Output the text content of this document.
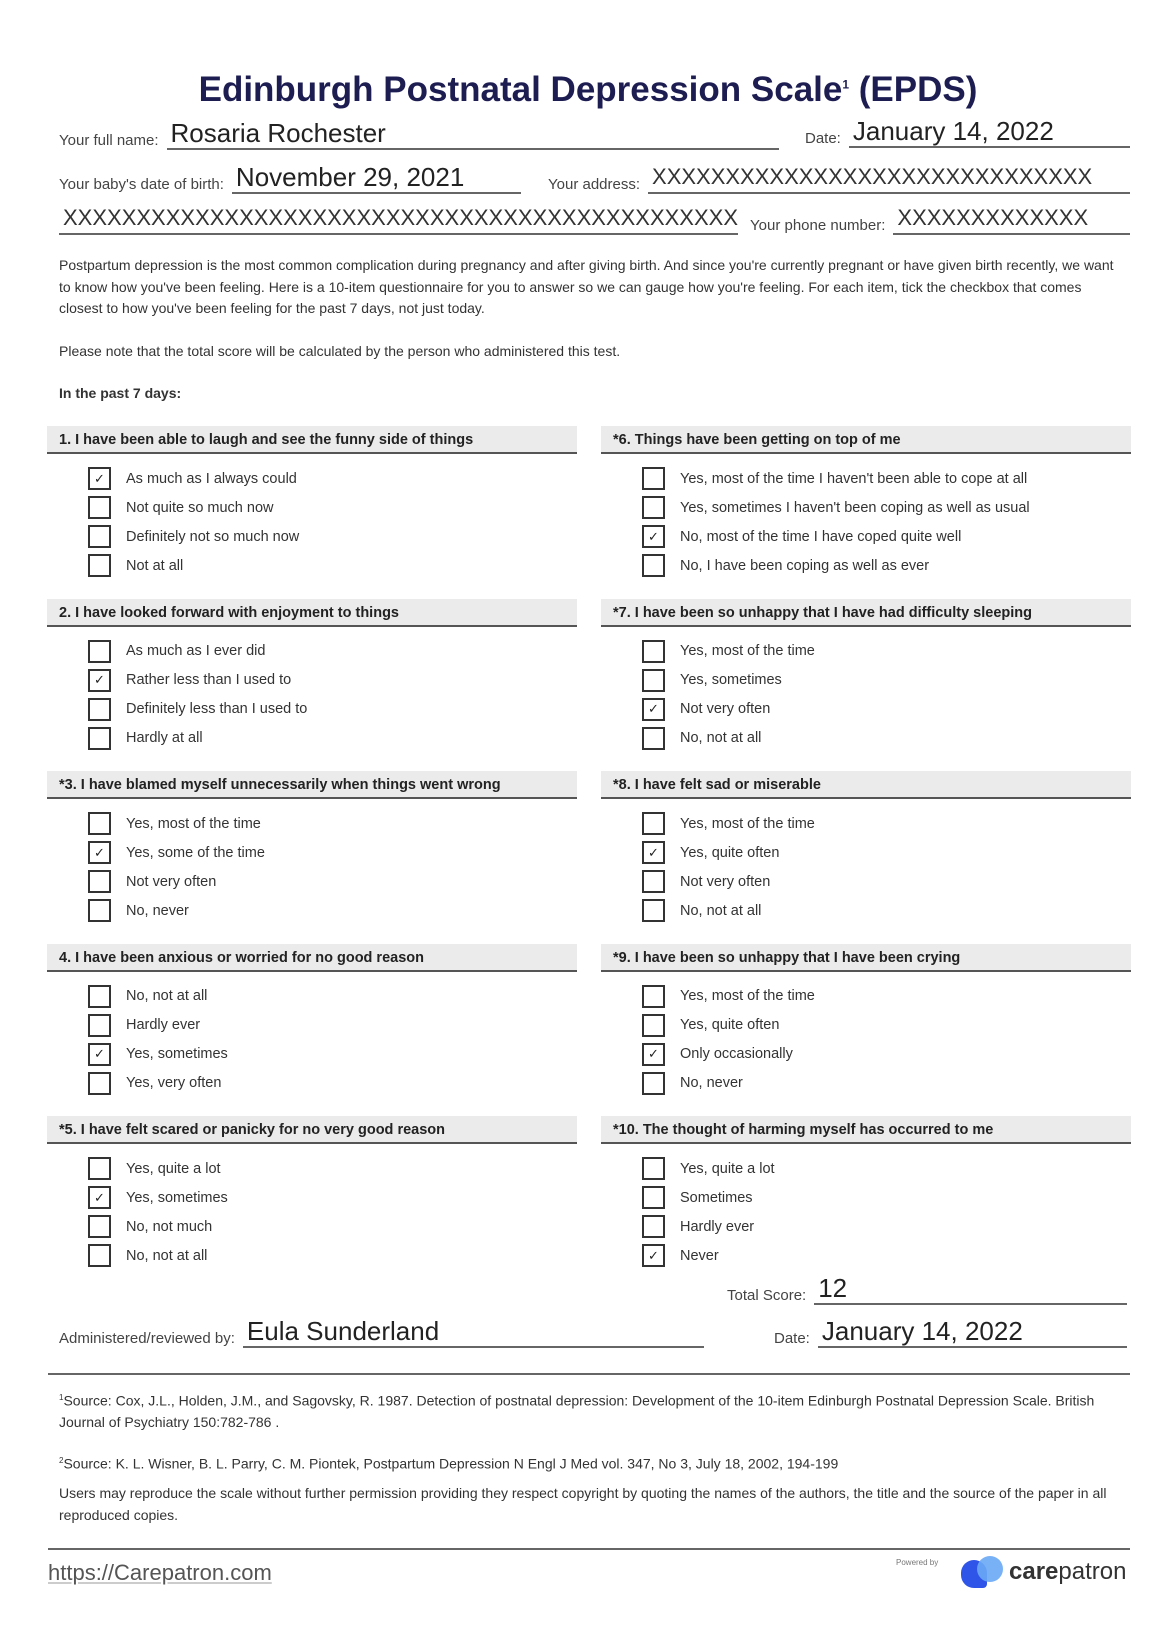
Edinburgh Postnatal Depression Scale$^1$ (EPDS)
Your full name: Rosaria Rochester	Date: January 14, 2022
Your baby's date of birth: November 29, 2021	Your address: XXXXXXXXXXXXXXXXXXXXXXXXXXXXXX
XXXXXXXXXXXXXXXXXXXXXXXXXXXXXXXXXXXXXXXXXXXXXX Your phone number: XXXXXXXXXXXXX

Postpartum depression is the most common complication during pregnancy and after giving birth. And since you're currently pregnant or have given birth recently, we want to know how you've been feeling. Here is a 10-item questionnaire for you to answer so we can gauge how you're feeling. For each item, tick the checkbox that comes closest to how you've been feeling for the past 7 days, not just today.

Please note that the total score will be calculated by the person who administered this test.

In the past 7 days:

1. I have been able to laugh and see the funny side of things
✓ As much as I always could
Not quite so much now
Definitely not so much now
Not at all
2. I have looked forward with enjoyment to things
As much as I ever did
✓ Rather less than I used to
Definitely less than I used to
Hardly at all
*3. I have blamed myself unnecessarily when things went wrong
Yes, most of the time
✓ Yes, some of the time
Not very often
No, never
4. I have been anxious or worried for no good reason
No, not at all
Hardly ever
✓ Yes, sometimes
Yes, very often
*5. I have felt scared or panicky for no very good reason
Yes, quite a lot
✓ Yes, sometimes
No, not much
No, not at all
*6. Things have been getting on top of me
Yes, most of the time I haven't been able to cope at all
Yes, sometimes I haven't been coping as well as usual
✓ No, most of the time I have coped quite well
No, I have been coping as well as ever
*7. I have been so unhappy that I have had difficulty sleeping
Yes, most of the time
Yes, sometimes
✓ Not very often
No, not at all
*8. I have felt sad or miserable
Yes, most of the time
✓ Yes, quite often
Not very often
No, not at all
*9. I have been so unhappy that I have been crying
Yes, most of the time
Yes, quite often
✓ Only occasionally
No, never
*10. The thought of harming myself has occurred to me
Yes, quite a lot
Sometimes
Hardly ever
✓ Never
Total Score: 12
Administered/reviewed by: Eula Sunderland	Date: January 14, 2022

$^1$Source: Cox, J.L., Holden, J.M., and Sagovsky, R. 1987. Detection of postnatal depression: Development of the 10-item Edinburgh Postnatal Depression Scale. British Journal of Psychiatry 150:782-786 .

$^2$Source: K. L. Wisner, B. L. Parry, C. M. Piontek, Postpartum Depression N Engl J Med vol. 347, No 3, July 18, 2002, 194-199

Users may reproduce the scale without further permission providing they respect copyright by quoting the names of the authors, the title and the source of the paper in all reproduced copies.

https://Carepatron.com	Powered by	carepatron
